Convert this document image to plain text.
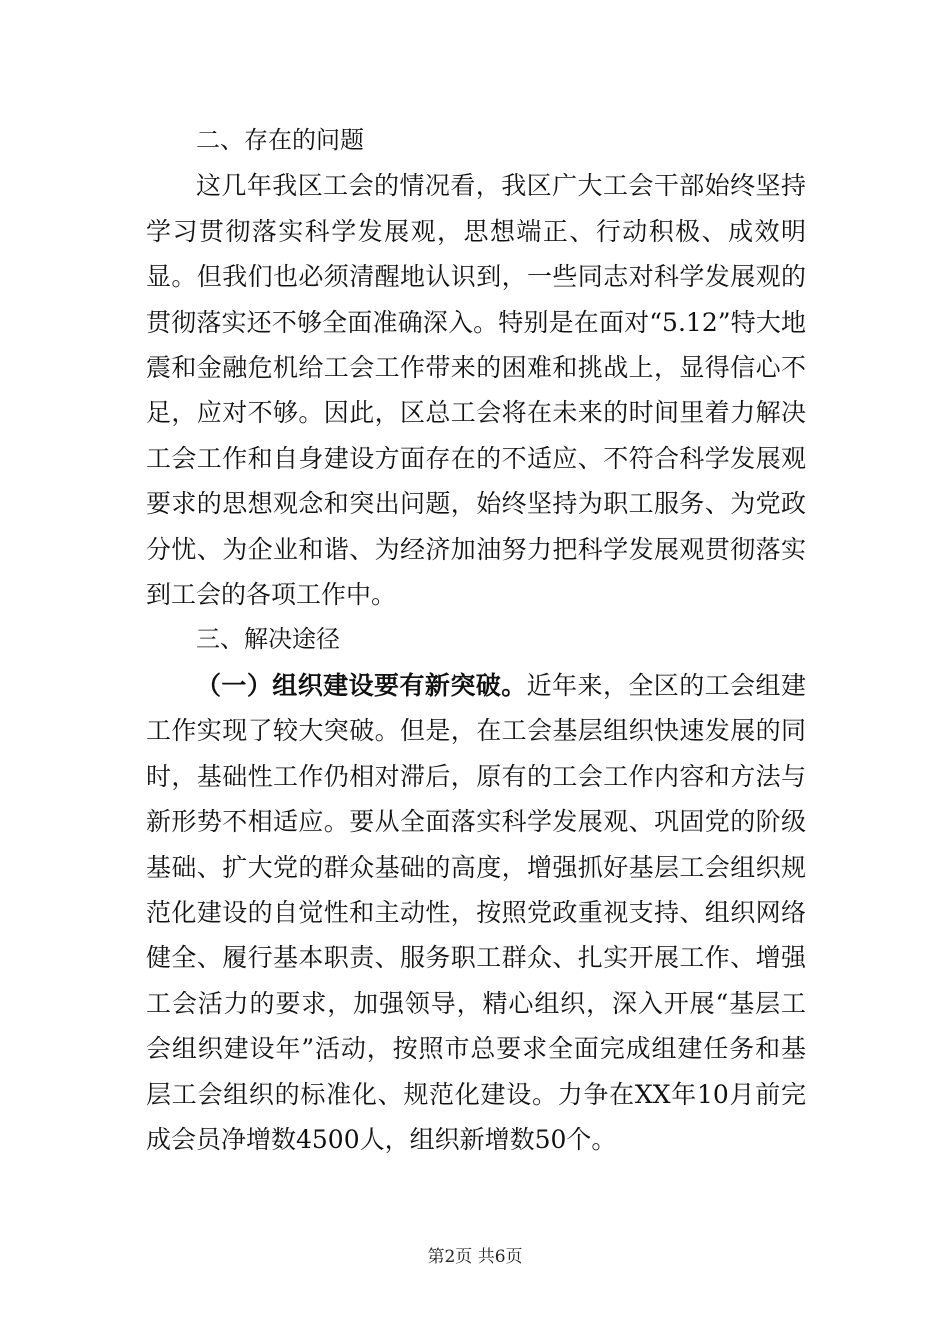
二、存在的问题

这几年我区工会的情况看，我区广大工会干部始终坚持学习贯彻落实科学发展观，思想端正、行动积极、成效明显。但我们也必须清醒地认识到，一些同志对科学发展观的贯彻落实还不够全面准确深入。特别是在面对“5.12”特大地震和金融危机给工会工作带来的困难和挑战上，显得信心不足，应对不够。因此，区总工会将在未来的时间里着力解决工会工作和自身建设方面存在的不适应、不符合科学发展观要求的思想观念和突出问题，始终坚持为职工服务、为党政分忧、为企业和谐、为经济加油努力把科学发展观贯彻落实到工会的各项工作中。

三、解决途径

（一）组织建设要有新突破。近年来，全区的工会组建工作实现了较大突破。但是，在工会基层组织快速发展的同时，基础性工作仍相对滞后，原有的工会工作内容和方法与新形势不相适应。要从全面落实科学发展观、巩固党的阶级基础、扩大党的群众基础的高度，增强抓好基层工会组织规范化建设的自觉性和主动性，按照党政重视支持、组织网络健全、履行基本职责、服务职工群众、扎实开展工作、增强工会活力的要求，加强领导，精心组织，深入开展“基层工会组织建设年”活动，按照市总要求全面完成组建任务和基层工会组织的标准化、规范化建设。力争在XX年10月前完成会员净增数4500人，组织新增数50个。

第2页 共6页
